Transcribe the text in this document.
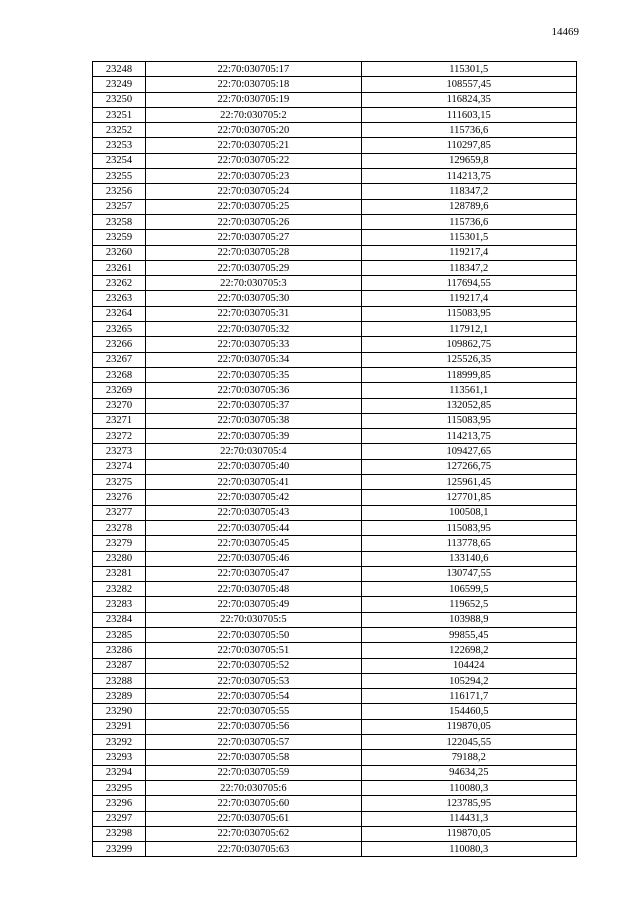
14469
23248	22:70:030705:17	115301,5
23249	22:70:030705:18	108557,45
23250	22:70:030705:19	116824,35
23251	22:70:030705:2	111603,15
23252	22:70:030705:20	115736,6
23253	22:70:030705:21	110297,85
23254	22:70:030705:22	129659,8
23255	22:70:030705:23	114213,75
23256	22:70:030705:24	118347,2
23257	22:70:030705:25	128789,6
23258	22:70:030705:26	115736,6
23259	22:70:030705:27	115301,5
23260	22:70:030705:28	119217,4
23261	22:70:030705:29	118347,2
23262	22:70:030705:3	117694,55
23263	22:70:030705:30	119217,4
23264	22:70:030705:31	115083,95
23265	22:70:030705:32	117912,1
23266	22:70:030705:33	109862,75
23267	22:70:030705:34	125526,35
23268	22:70:030705:35	118999,85
23269	22:70:030705:36	113561,1
23270	22:70:030705:37	132052,85
23271	22:70:030705:38	115083,95
23272	22:70:030705:39	114213,75
23273	22:70:030705:4	109427,65
23274	22:70:030705:40	127266,75
23275	22:70:030705:41	125961,45
23276	22:70:030705:42	127701,85
23277	22:70:030705:43	100508,1
23278	22:70:030705:44	115083,95
23279	22:70:030705:45	113778,65
23280	22:70:030705:46	133140,6
23281	22:70:030705:47	130747,55
23282	22:70:030705:48	106599,5
23283	22:70:030705:49	119652,5
23284	22:70:030705:5	103988,9
23285	22:70:030705:50	99855,45
23286	22:70:030705:51	122698,2
23287	22:70:030705:52	104424
23288	22:70:030705:53	105294,2
23289	22:70:030705:54	116171,7
23290	22:70:030705:55	154460,5
23291	22:70:030705:56	119870,05
23292	22:70:030705:57	122045,55
23293	22:70:030705:58	79188,2
23294	22:70:030705:59	94634,25
23295	22:70:030705:6	110080,3
23296	22:70:030705:60	123785,95
23297	22:70:030705:61	114431,3
23298	22:70:030705:62	119870,05
23299	22:70:030705:63	110080,3
